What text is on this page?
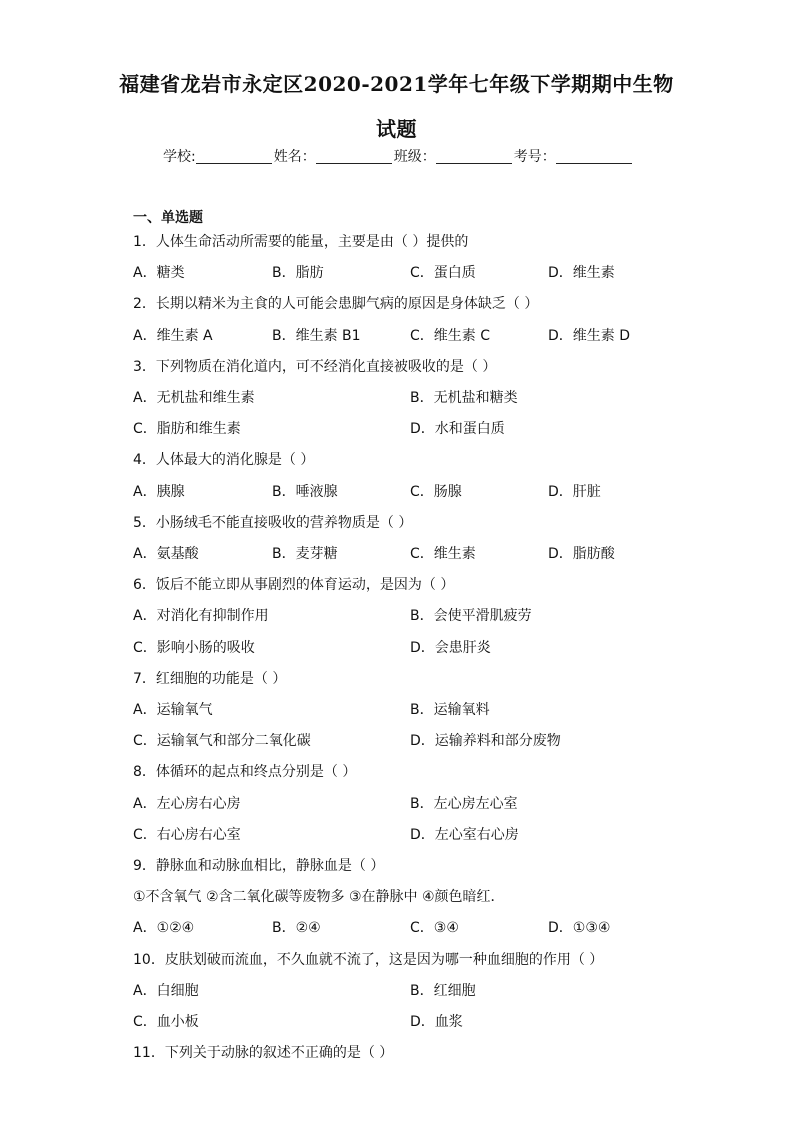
福建省龙岩市永定区2020-2021学年七年级下学期期中生物
试题
学校:	姓名：	班级：	考号：
一、单选题
1．人体生命活动所需要的能量，主要是由（ ）提供的
A．糖类	B．脂肪	C．蛋白质	D．维生素
2．长期以精米为主食的人可能会患脚气病的原因是身体缺乏（ ）
A．维生素 A	B．维生素 B1	C．维生素 C	D．维生素 D
3．下列物质在消化道内，可不经消化直接被吸收的是（ ）
A．无机盐和维生素	B．无机盐和糖类
C．脂肪和维生素	D．水和蛋白质
4．人体最大的消化腺是（ ）
A．胰腺	B．唾液腺	C．肠腺	D．肝脏
5．小肠绒毛不能直接吸收的营养物质是（ ）
A．氨基酸	B．麦芽糖	C．维生素	D．脂肪酸
6．饭后不能立即从事剧烈的体育运动，是因为（ ）
A．对消化有抑制作用	B．会使平滑肌疲劳
C．影响小肠的吸收	D．会患肝炎
7．红细胞的功能是（ ）
A．运输氧气	B．运输氧料
C．运输氧气和部分二氧化碳	D．运输养料和部分废物
8．体循环的起点和终点分别是（ ）
A．左心房右心房	B．左心房左心室
C．右心房右心室	D．左心室右心房
9．静脉血和动脉血相比，静脉血是（ ）
①不含氧气 ②含二氧化碳等废物多 ③在静脉中 ④颜色暗红．
A．①②④	B．②④	C．③④	D．①③④
10．皮肤划破而流血，不久血就不流了，这是因为哪一种血细胞的作用（ ）
A．白细胞	B．红细胞
C．血小板	D．血浆
11．下列关于动脉的叙述不正确的是（ ）
